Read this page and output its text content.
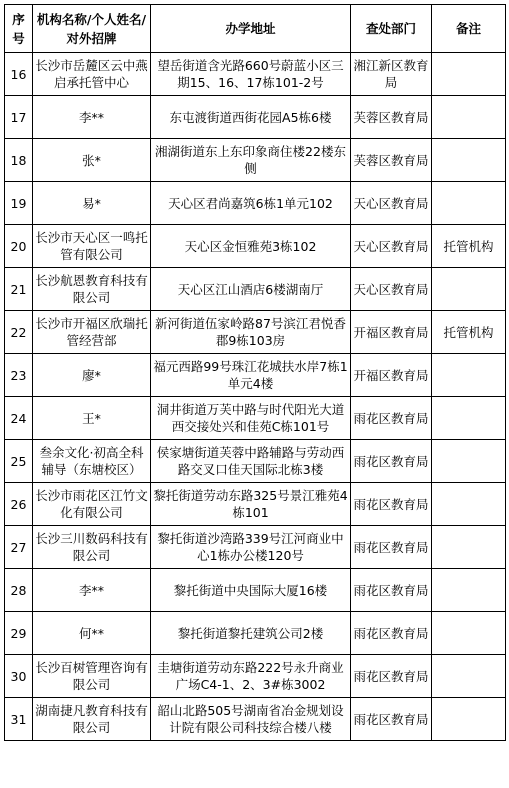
序号	机构名称/个人姓名/对外招牌	办学地址	查处部门	备注
16	长沙市岳麓区云中燕启承托管中心	望岳街道含光路660号蔚蓝小区三期15、16、17栋101-2号	湘江新区教育局	
17	李**	东屯渡街道西街花园A5栋6楼	芙蓉区教育局	
18	张*	湘湖街道东上东印象商住楼22楼东侧	芙蓉区教育局	
19	易*	天心区君尚嘉筑6栋1单元102	天心区教育局	
20	长沙市天心区一鸣托管有限公司	天心区金恒雅苑3栋102	天心区教育局	托管机构
21	长沙航恩教育科技有限公司	天心区江山酒店6楼湖南厅	天心区教育局	
22	长沙市开福区欣瑞托管经营部	新河街道伍家岭路87号滨江君悦香郡9栋103房	开福区教育局	托管机构
23	廖*	福元西路99号珠江花城扶水岸7栋1单元4楼	开福区教育局	
24	王*	洞井街道万芙中路与时代阳光大道西交接处兴和佳苑C栋101号	雨花区教育局	
25	叁余文化·初高全科辅导（东塘校区）	侯家塘街道芙蓉中路辅路与劳动西路交叉口佳天国际北栋3楼	雨花区教育局	
26	长沙市雨花区江竹文化有限公司	黎托街道劳动东路325号景江雅苑4栋101	雨花区教育局	
27	长沙三川数码科技有限公司	黎托街道沙湾路339号江河商业中心1栋办公楼120号	雨花区教育局	
28	李**	黎托街道中央国际大厦16楼	雨花区教育局	
29	何**	黎托街道黎托建筑公司2楼	雨花区教育局	
30	长沙百树管理咨询有限公司	圭塘街道劳动东路222号永升商业广场C4-1、2、3#栋3002	雨花区教育局	
31	湖南捷凡教育科技有限公司	韶山北路505号湖南省冶金规划设计院有限公司科技综合楼八楼	雨花区教育局	
